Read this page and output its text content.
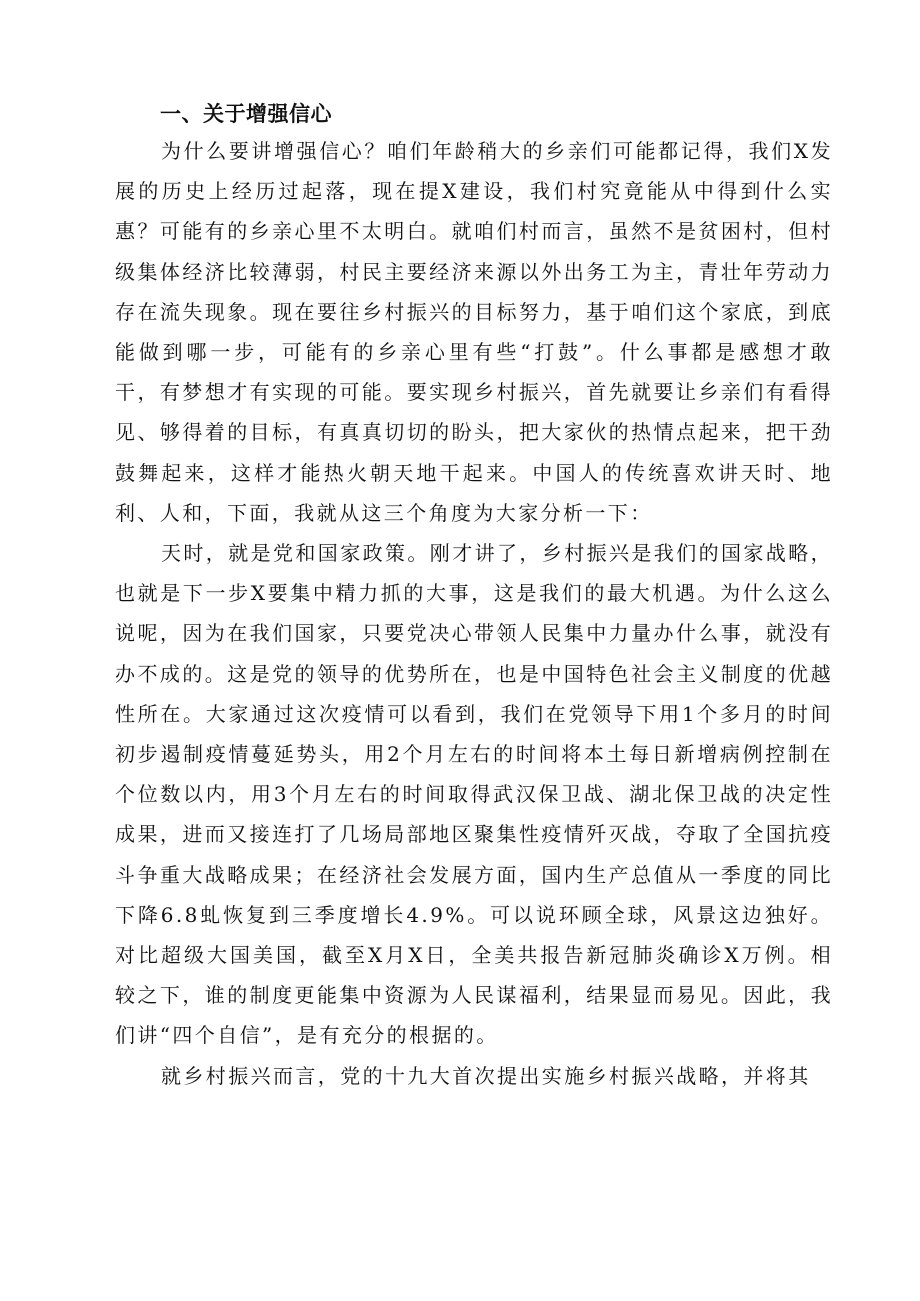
一、关于增强信心

为什么要讲增强信心？咱们年龄稍大的乡亲们可能都记得，我们X发展的历史上经历过起落，现在提X建设，我们村究竟能从中得到什么实惠？可能有的乡亲心里不太明白。就咱们村而言，虽然不是贫困村，但村级集体经济比较薄弱，村民主要经济来源以外出务工为主，青壮年劳动力存在流失现象。现在要往乡村振兴的目标努力，基于咱们这个家底，到底能做到哪一步，可能有的乡亲心里有些“打鼓”。什么事都是感想才敢干，有梦想才有实现的可能。要实现乡村振兴，首先就要让乡亲们有看得见、够得着的目标，有真真切切的盼头，把大家伙的热情点起来，把干劲鼓舞起来，这样才能热火朝天地干起来。中国人的传统喜欢讲天时、地利、人和，下面，我就从这三个角度为大家分析一下：

天时，就是党和国家政策。刚才讲了，乡村振兴是我们的国家战略，也就是下一步X要集中精力抓的大事，这是我们的最大机遇。为什么这么说呢，因为在我们国家，只要党决心带领人民集中力量办什么事，就没有办不成的。这是党的领导的优势所在，也是中国特色社会主义制度的优越性所在。大家通过这次疫情可以看到，我们在党领导下用1个多月的时间初步遏制疫情蔓延势头，用2个月左右的时间将本土每日新增病例控制在个位数以内，用3个月左右的时间取得武汉保卫战、湖北保卫战的决定性成果，进而又接连打了几场局部地区聚集性疫情歼灭战，夺取了全国抗疫斗争重大战略成果；在经济社会发展方面，国内生产总值从一季度的同比下降6.8虬恢复到三季度增长4.9%。可以说环顾全球，风景这边独好。对比超级大国美国，截至X月X日，全美共报告新冠肺炎确诊X万例。相较之下，谁的制度更能集中资源为人民谋福利，结果显而易见。因此，我们讲“四个自信”，是有充分的根据的。

就乡村振兴而言，党的十九大首次提出实施乡村振兴战略，并将其
